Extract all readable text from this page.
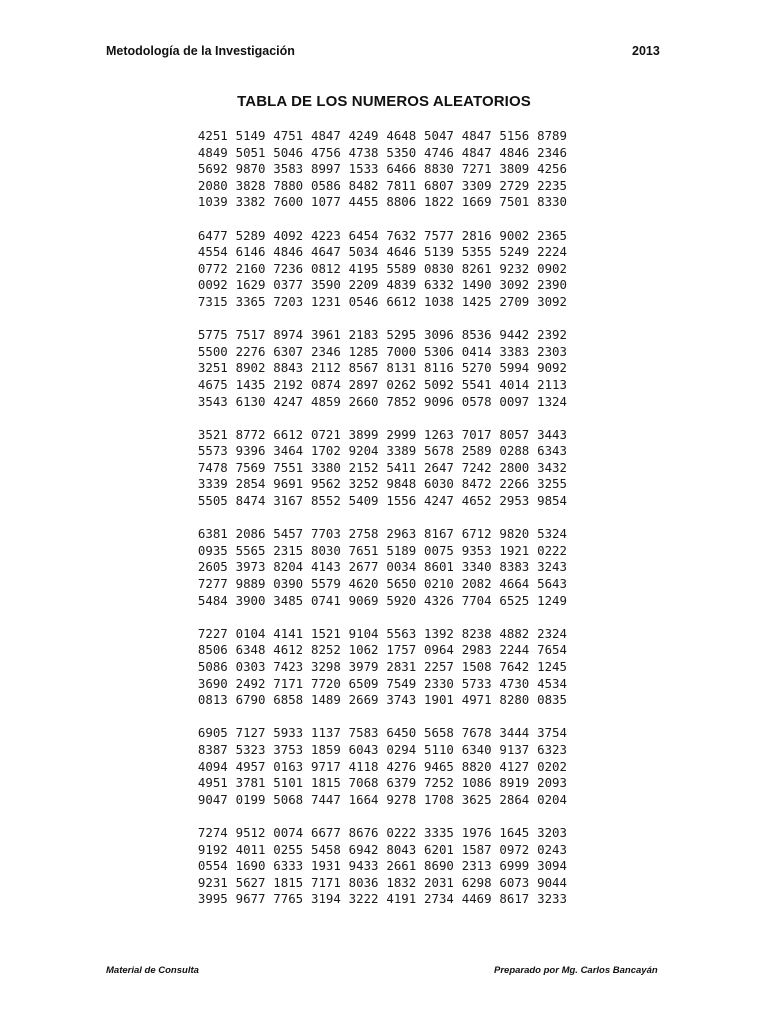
Metodología de la Investigación	2013
TABLA DE LOS NUMEROS ALEATORIOS
4251 5149 4751 4847 4249 4648 5047 4847 5156 8789
4849 5051 5046 4756 4738 5350 4746 4847 4846 2346
5692 9870 3583 8997 1533 6466 8830 7271 3809 4256
2080 3828 7880 0586 8482 7811 6807 3309 2729 2235
1039 3382 7600 1077 4455 8806 1822 1669 7501 8330
6477 5289 4092 4223 6454 7632 7577 2816 9002 2365
4554 6146 4846 4647 5034 4646 5139 5355 5249 2224
0772 2160 7236 0812 4195 5589 0830 8261 9232 0902
0092 1629 0377 3590 2209 4839 6332 1490 3092 2390
7315 3365 7203 1231 0546 6612 1038 1425 2709 3092
5775 7517 8974 3961 2183 5295 3096 8536 9442 2392
5500 2276 6307 2346 1285 7000 5306 0414 3383 2303
3251 8902 8843 2112 8567 8131 8116 5270 5994 9092
4675 1435 2192 0874 2897 0262 5092 5541 4014 2113
3543 6130 4247 4859 2660 7852 9096 0578 0097 1324
3521 8772 6612 0721 3899 2999 1263 7017 8057 3443
5573 9396 3464 1702 9204 3389 5678 2589 0288 6343
7478 7569 7551 3380 2152 5411 2647 7242 2800 3432
3339 2854 9691 9562 3252 9848 6030 8472 2266 3255
5505 8474 3167 8552 5409 1556 4247 4652 2953 9854
6381 2086 5457 7703 2758 2963 8167 6712 9820 5324
0935 5565 2315 8030 7651 5189 0075 9353 1921 0222
2605 3973 8204 4143 2677 0034 8601 3340 8383 3243
7277 9889 0390 5579 4620 5650 0210 2082 4664 5643
5484 3900 3485 0741 9069 5920 4326 7704 6525 1249
7227 0104 4141 1521 9104 5563 1392 8238 4882 2324
8506 6348 4612 8252 1062 1757 0964 2983 2244 7654
5086 0303 7423 3298 3979 2831 2257 1508 7642 1245
3690 2492 7171 7720 6509 7549 2330 5733 4730 4534
0813 6790 6858 1489 2669 3743 1901 4971 8280 0835
6905 7127 5933 1137 7583 6450 5658 7678 3444 3754
8387 5323 3753 1859 6043 0294 5110 6340 9137 6323
4094 4957 0163 9717 4118 4276 9465 8820 4127 0202
4951 3781 5101 1815 7068 6379 7252 1086 8919 2093
9047 0199 5068 7447 1664 9278 1708 3625 2864 0204
7274 9512 0074 6677 8676 0222 3335 1976 1645 3203
9192 4011 0255 5458 6942 8043 6201 1587 0972 0243
0554 1690 6333 1931 9433 2661 8690 2313 6999 3094
9231 5627 1815 7171 8036 1832 2031 6298 6073 9044
3995 9677 7765 3194 3222 4191 2734 4469 8617 3233
Material de Consulta	Preparado por Mg. Carlos Bancayán
